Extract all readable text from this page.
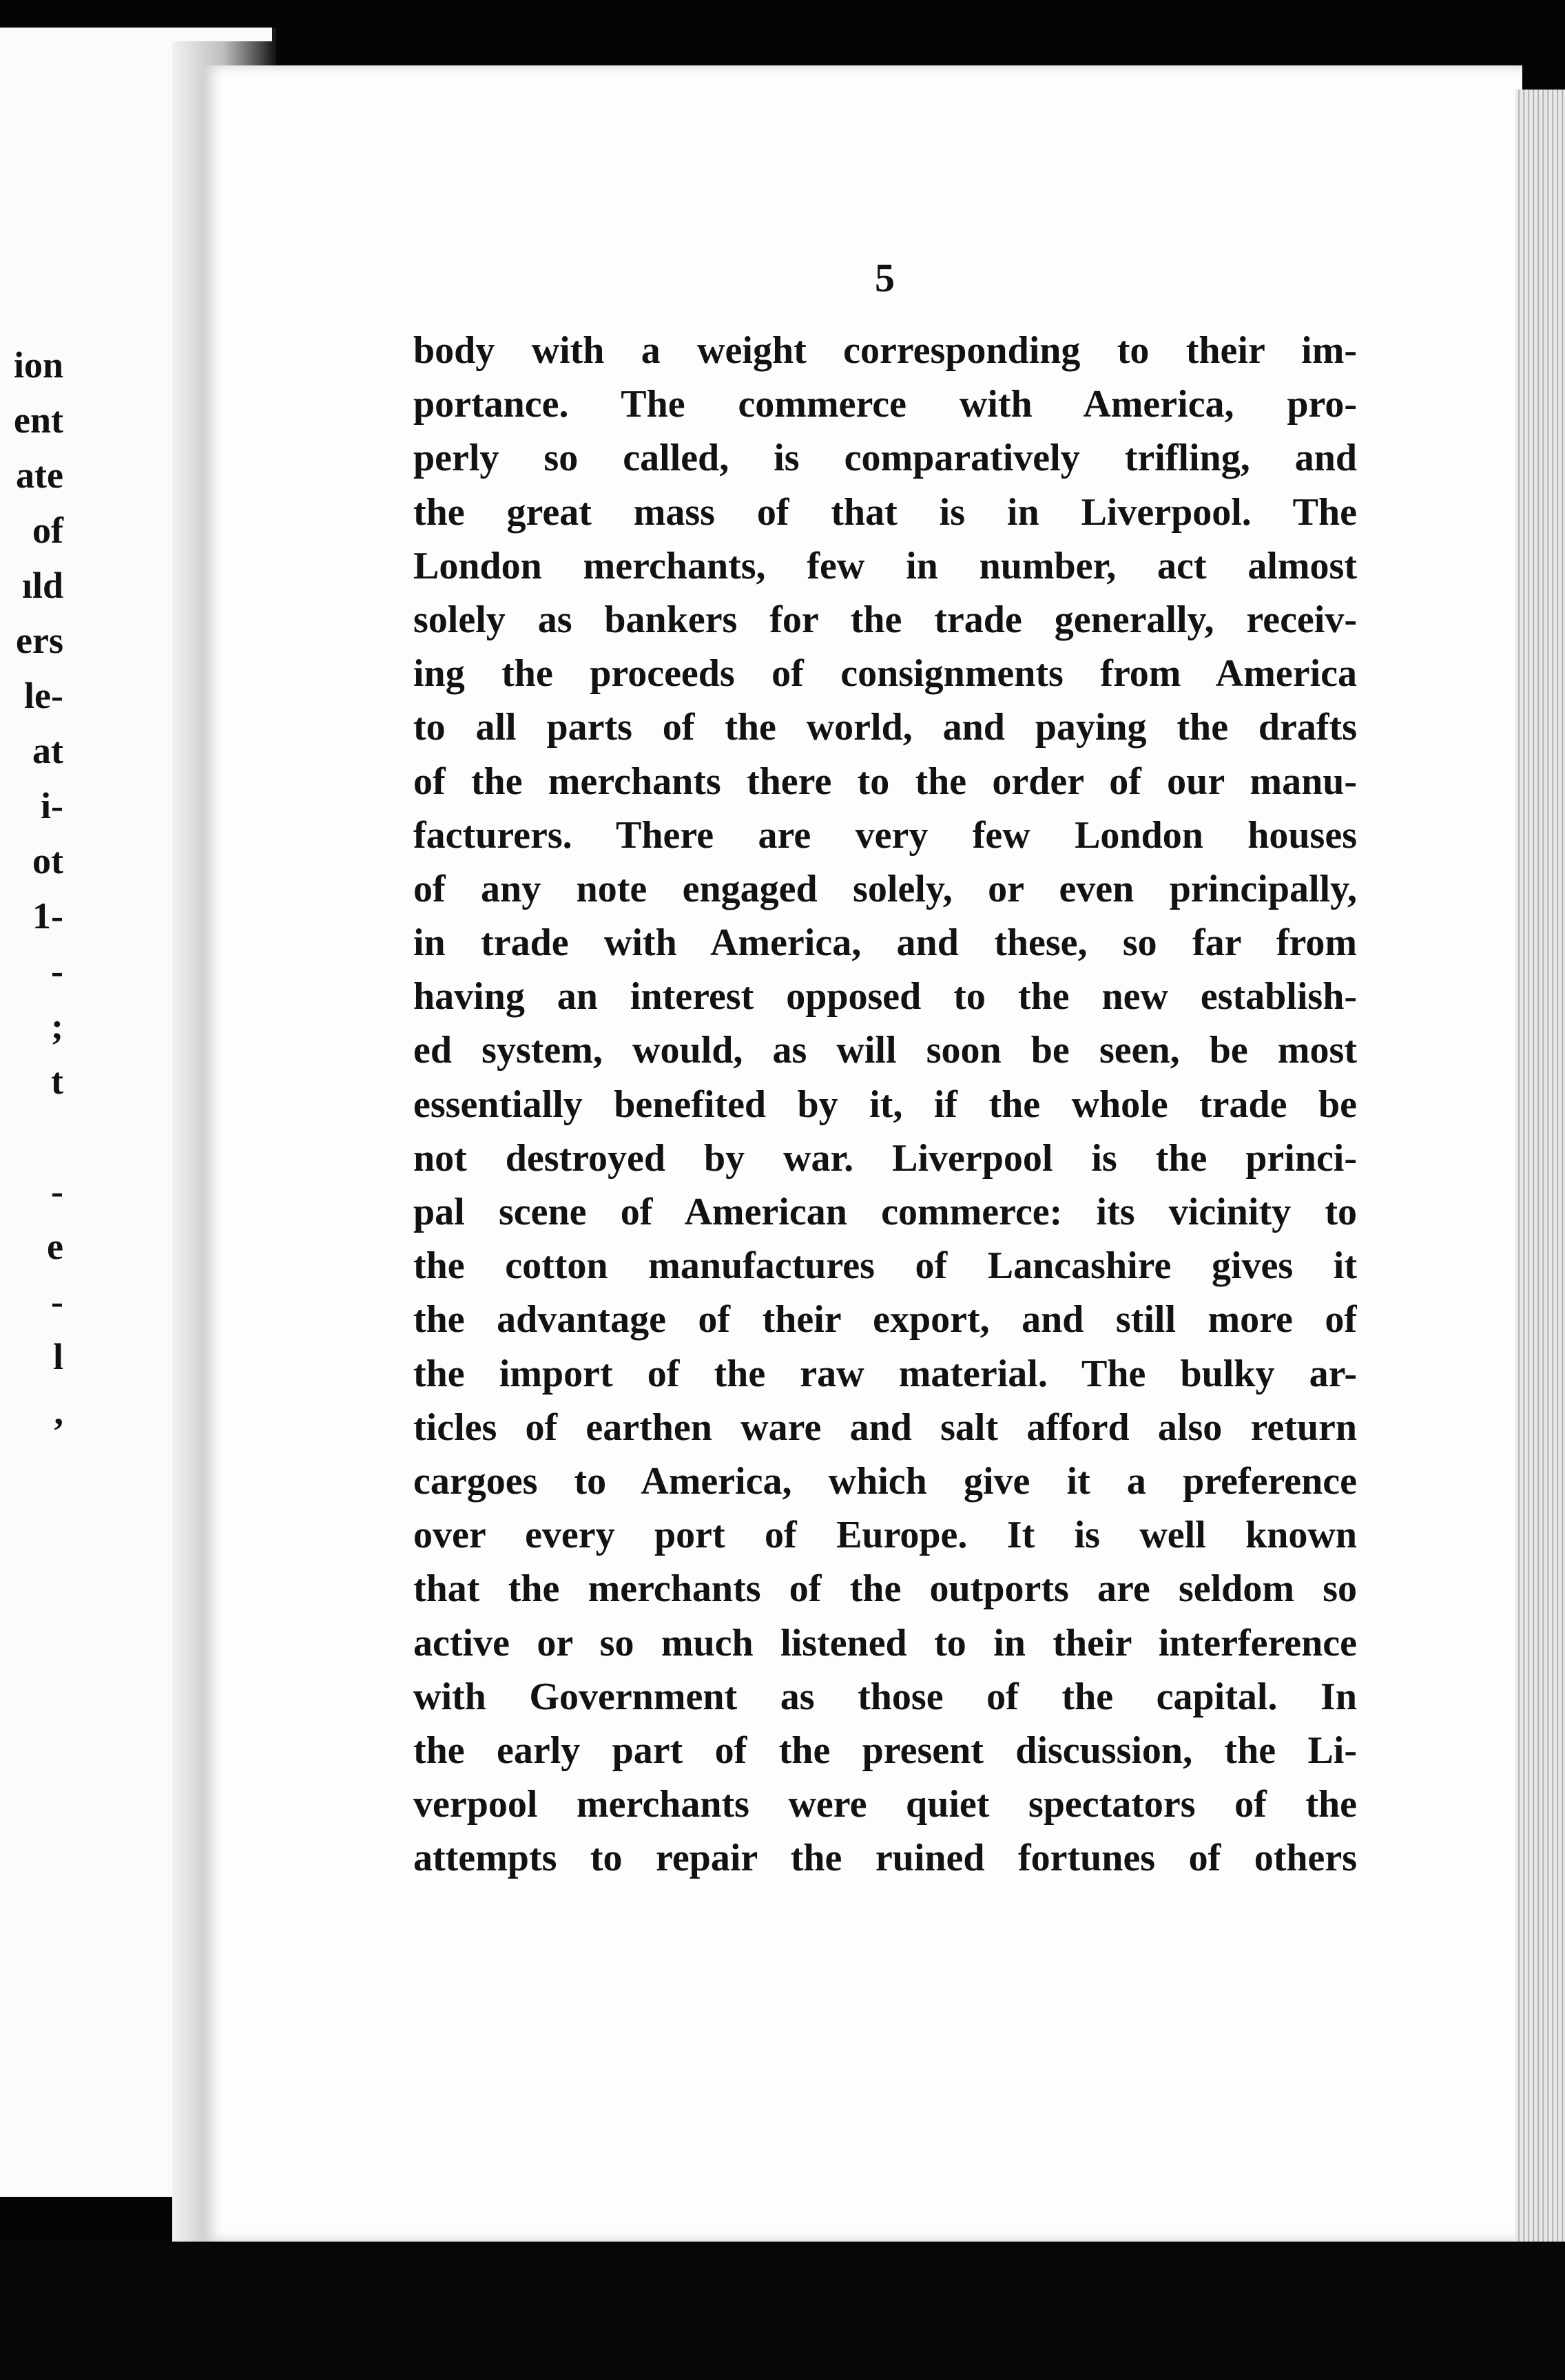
ion
ent
ate
of
ıld
ers
le-
at
i-
ot
1-
-
;
t
-
e
-
l
,
5
body with a weight corresponding to their im-
portance. The commerce with America, pro-
perly so called, is comparatively trifling, and
the great mass of that is in Liverpool. The
London merchants, few in number, act almost
solely as bankers for the trade generally, receiv-
ing the proceeds of consignments from America
to all parts of the world, and paying the drafts
of the merchants there to the order of our manu-
facturers. There are very few London houses
of any note engaged solely, or even principally,
in trade with America, and these, so far from
having an interest opposed to the new establish-
ed system, would, as will soon be seen, be most
essentially benefited by it, if the whole trade be
not destroyed by war. Liverpool is the princi-
pal scene of American commerce: its vicinity to
the cotton manufactures of Lancashire gives it
the advantage of their export, and still more of
the import of the raw material. The bulky ar-
ticles of earthen ware and salt afford also return
cargoes to America, which give it a preference
over every port of Europe. It is well known
that the merchants of the outports are seldom so
active or so much listened to in their interference
with Government as those of the capital. In
the early part of the present discussion, the Li-
verpool merchants were quiet spectators of the
attempts to repair the ruined fortunes of others
